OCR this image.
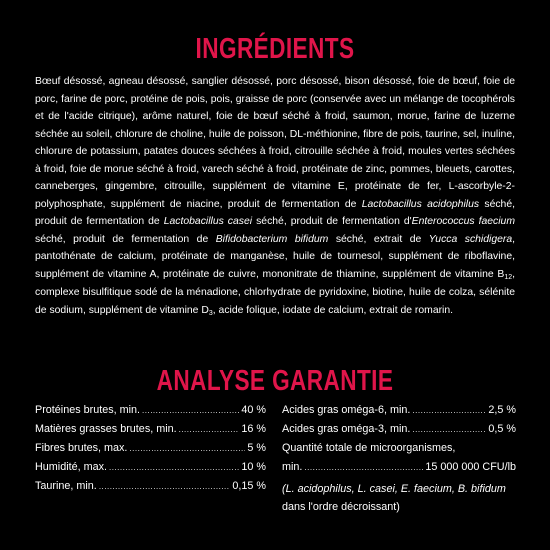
INGRÉDIENTS
Bœuf désossé, agneau désossé, sanglier désossé, porc désossé, bison désossé, foie de bœuf, foie de porc, farine de porc, protéine de pois, pois, graisse de porc (conservée avec un mélange de tocophérols et de l'acide citrique), arôme naturel, foie de bœuf séché à froid, saumon, morue, farine de luzerne séchée au soleil, chlorure de choline, huile de poisson, DL-méthionine, fibre de pois, taurine, sel, inuline, chlorure de potassium, patates douces séchées à froid, citrouille séchée à froid, moules vertes séchées à froid, foie de morue séché à froid, varech séché à froid, protéinate de zinc, pommes, bleuets, carottes, canneberges, gingembre, citrouille, supplément de vitamine E, protéinate de fer, L-ascorbyle-2-polyphosphate, supplément de niacine, produit de fermentation de Lactobacillus acidophilus séché, produit de fermentation de Lactobacillus casei séché, produit de fermentation d'Enterococcus faecium séché, produit de fermentation de Bifidobacterium bifidum séché, extrait de Yucca schidigera, pantothénate de calcium, protéinate de manganèse, huile de tournesol, supplément de riboflavine, supplément de vitamine A, protéinate de cuivre, mononitrate de thiamine, supplément de vitamine B12, complexe bisulfitique sodé de la ménadione, chlorhydrate de pyridoxine, biotine, huile de colza, sélénite de sodium, supplément de vitamine D3, acide folique, iodate de calcium, extrait de romarin.
ANALYSE GARANTIE
Protéines brutes, min. .....	40 %
Matières grasses brutes, min. .....	16 %
Fibres brutes, max. .....	5 %
Humidité, max. .....	10 %
Taurine, min. .....	0,15 %
Acides gras oméga-6, min. .....	2,5 %
Acides gras oméga-3, min. .....	0,5 %
Quantité totale de microorganismes,
min. .....	15 000 000 CFU/lb
(L. acidophilus, L. casei, E. faecium, B. bifidum dans l'ordre décroissant)
